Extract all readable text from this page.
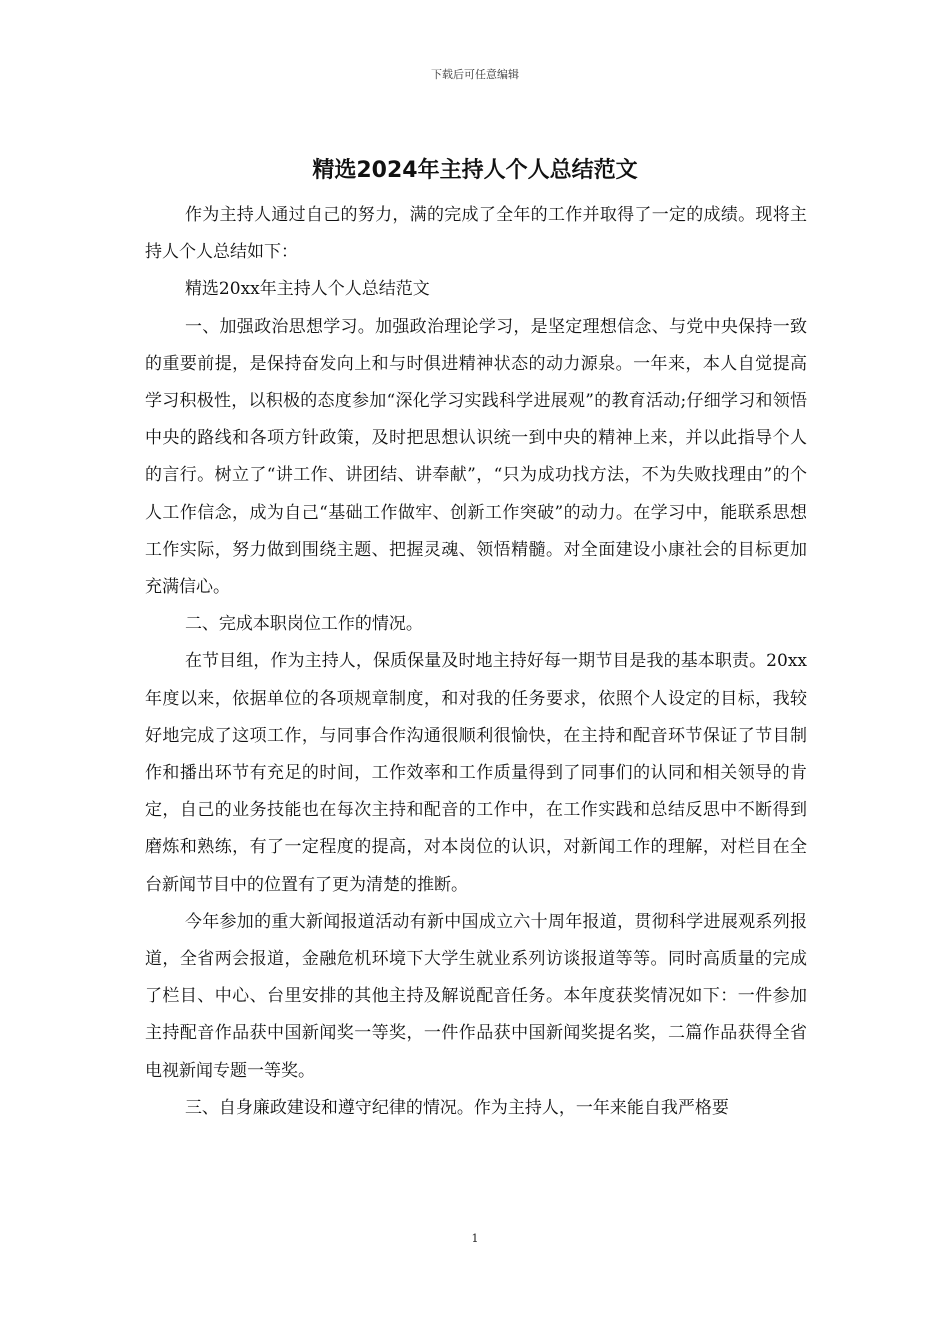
下载后可任意编辑
精选2024年主持人个人总结范文

作为主持人通过自己的努力，满的完成了全年的工作并取得了一定的成绩。现将主持人个人总结如下：

精选20xx年主持人个人总结范文

一、加强政治思想学习。加强政治理论学习，是坚定理想信念、与党中央保持一致的重要前提，是保持奋发向上和与时俱进精神状态的动力源泉。一年来，本人自觉提高学习积极性，以积极的态度参加“深化学习实践科学进展观”的教育活动;仔细学习和领悟中央的路线和各项方针政策，及时把思想认识统一到中央的精神上来，并以此指导个人的言行。树立了“讲工作、讲团结、讲奉献”，“只为成功找方法，不为失败找理由”的个人工作信念，成为自己“基础工作做牢、创新工作突破”的动力。在学习中，能联系思想工作实际，努力做到围绕主题、把握灵魂、领悟精髓。对全面建设小康社会的目标更加充满信心。

二、完成本职岗位工作的情况。

在节目组，作为主持人，保质保量及时地主持好每一期节目是我的基本职责。20xx年度以来，依据单位的各项规章制度，和对我的任务要求，依照个人设定的目标，我较好地完成了这项工作，与同事合作沟通很顺利很愉快，在主持和配音环节保证了节目制作和播出环节有充足的时间，工作效率和工作质量得到了同事们的认同和相关领导的肯定，自己的业务技能也在每次主持和配音的工作中，在工作实践和总结反思中不断得到磨炼和熟练，有了一定程度的提高，对本岗位的认识，对新闻工作的理解，对栏目在全台新闻节目中的位置有了更为清楚的推断。

今年参加的重大新闻报道活动有新中国成立六十周年报道，贯彻科学进展观系列报道，全省两会报道，金融危机环境下大学生就业系列访谈报道等等。同时高质量的完成了栏目、中心、台里安排的其他主持及解说配音任务。本年度获奖情况如下：一件参加主持配音作品获中国新闻奖一等奖，一件作品获中国新闻奖提名奖，二篇作品获得全省电视新闻专题一等奖。

三、自身廉政建设和遵守纪律的情况。作为主持人，一年来能自我严格要

1
